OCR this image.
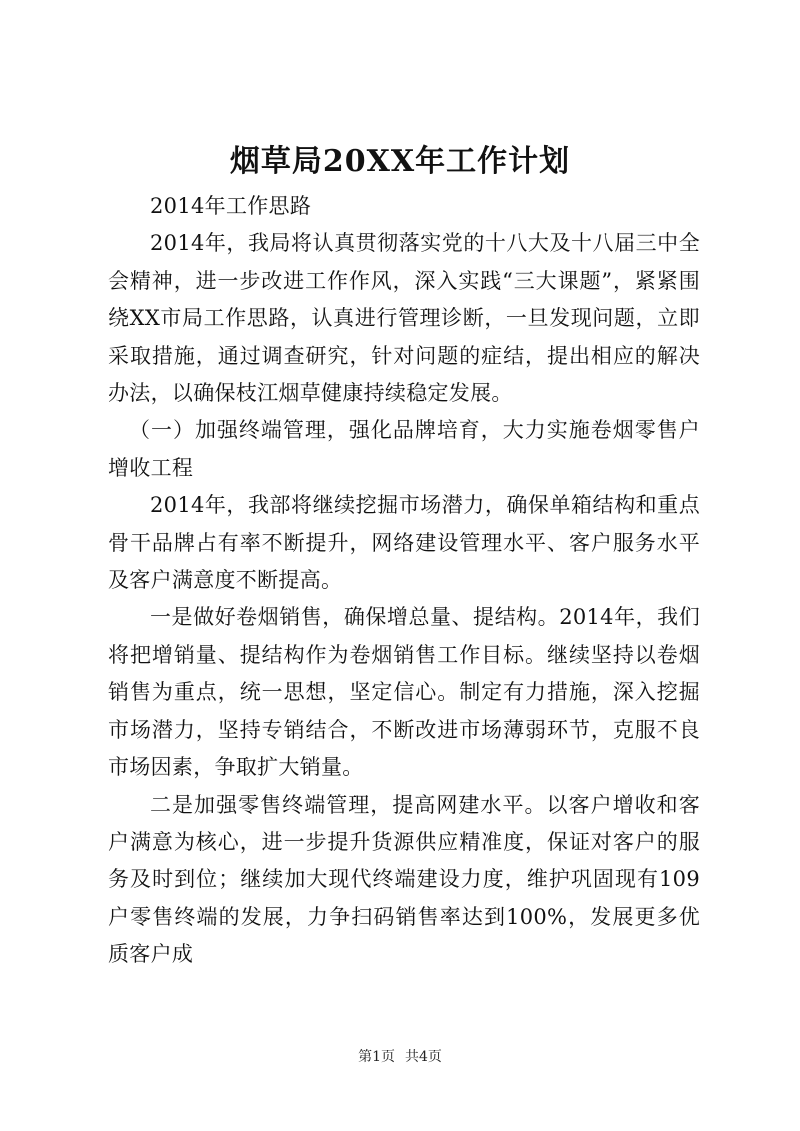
烟草局20XX年工作计划

2014年工作思路

2014年，我局将认真贯彻落实党的十八大及十八届三中全会精神，进一步改进工作作风，深入实践“三大课题”，紧紧围绕XX市局工作思路，认真进行管理诊断，一旦发现问题，立即采取措施，通过调查研究，针对问题的症结，提出相应的解决办法，以确保枝江烟草健康持续稳定发展。

（一）加强终端管理，强化品牌培育，大力实施卷烟零售户增收工程

2014年，我部将继续挖掘市场潜力，确保单箱结构和重点骨干品牌占有率不断提升，网络建设管理水平、客户服务水平及客户满意度不断提高。

一是做好卷烟销售，确保增总量、提结构。2014年，我们将把增销量、提结构作为卷烟销售工作目标。继续坚持以卷烟销售为重点，统一思想，坚定信心。制定有力措施，深入挖掘市场潜力，坚持专销结合，不断改进市场薄弱环节，克服不良市场因素，争取扩大销量。

二是加强零售终端管理，提高网建水平。以客户增收和客户满意为核心，进一步提升货源供应精准度，保证对客户的服务及时到位；继续加大现代终端建设力度，维护巩固现有109户零售终端的发展，力争扫码销售率达到100%，发展更多优质客户成

第1页 共4页
